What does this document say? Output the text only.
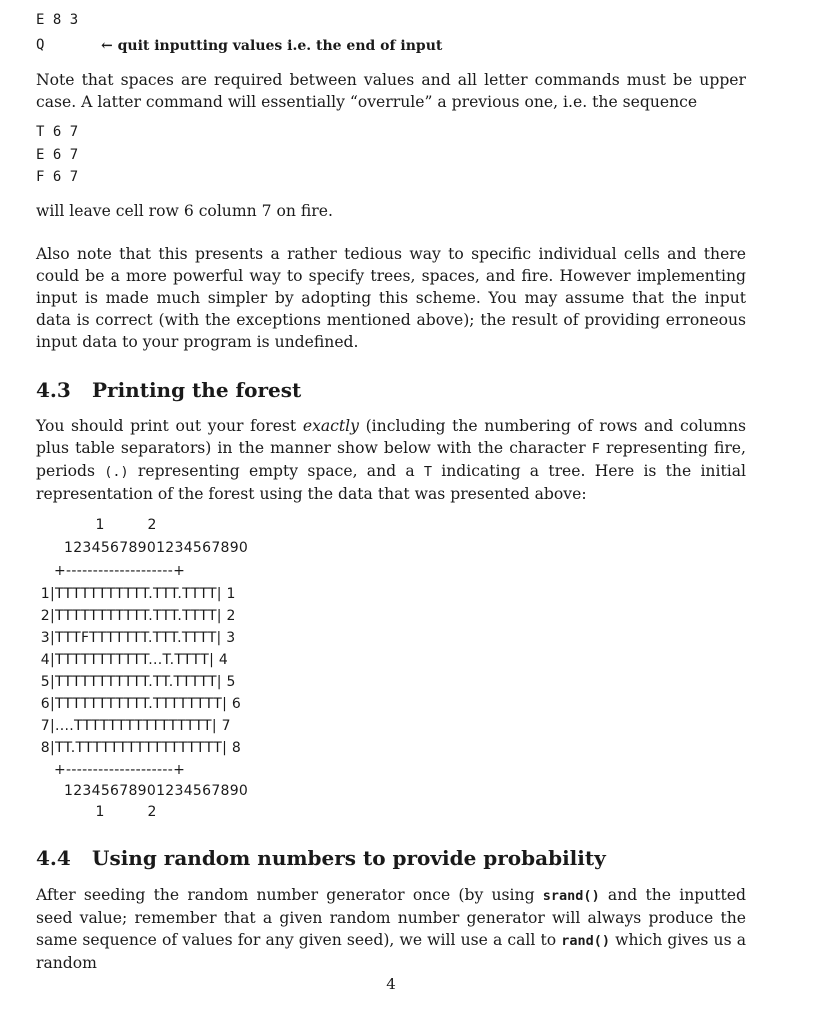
E 8 3
Q	← quit inputting values i.e. the end of input

Note that spaces are required between values and all letter commands must be upper case. A latter command will essentially “overrule” a previous one, i.e. the sequence

T 6 7
E 6 7
F 6 7

will leave cell row 6 column 7 on fire.

Also note that this presents a rather tedious way to specific individual cells and there could be a more powerful way to specify trees, spaces, and fire. However implementing input is made much simpler by adopting this scheme. You may assume that the input data is correct (with the exceptions mentioned above); the result of providing erroneous input data to your program is undefined.

4.3 Printing the forest

You should print out your forest exactly (including the numbering of rows and columns plus table separators) in the manner show below with the character F representing fire, periods (.) representing empty space, and a T indicating a tree. Here is the initial representation of the forest using the data that was presented above:

1         2
12345678901234567890
+--------------------+
1|TTTTTTTTTTT.TTT.TTTT| 1
2|TTTTTTTTTTT.TTT.TTTT| 2
3|TTTFTTTTTTT.TTT.TTTT| 3
4|TTTTTTTTTTT...T.TTTT| 4
5|TTTTTTTTTTT.TT.TTTTT| 5
6|TTTTTTTTTTT.TTTTTTTT| 6
7|....TTTTTTTTTTTTTTTT| 7
8|TT.TTTTTTTTTTTTTTTTT| 8
+--------------------+
12345678901234567890
1         2
4.4 Using random numbers to provide probability

After seeding the random number generator once (by using srand() and the inputted seed value; remember that a given random number generator will always produce the same sequence of values for any given seed), we will use a call to rand() which gives us a random

4
